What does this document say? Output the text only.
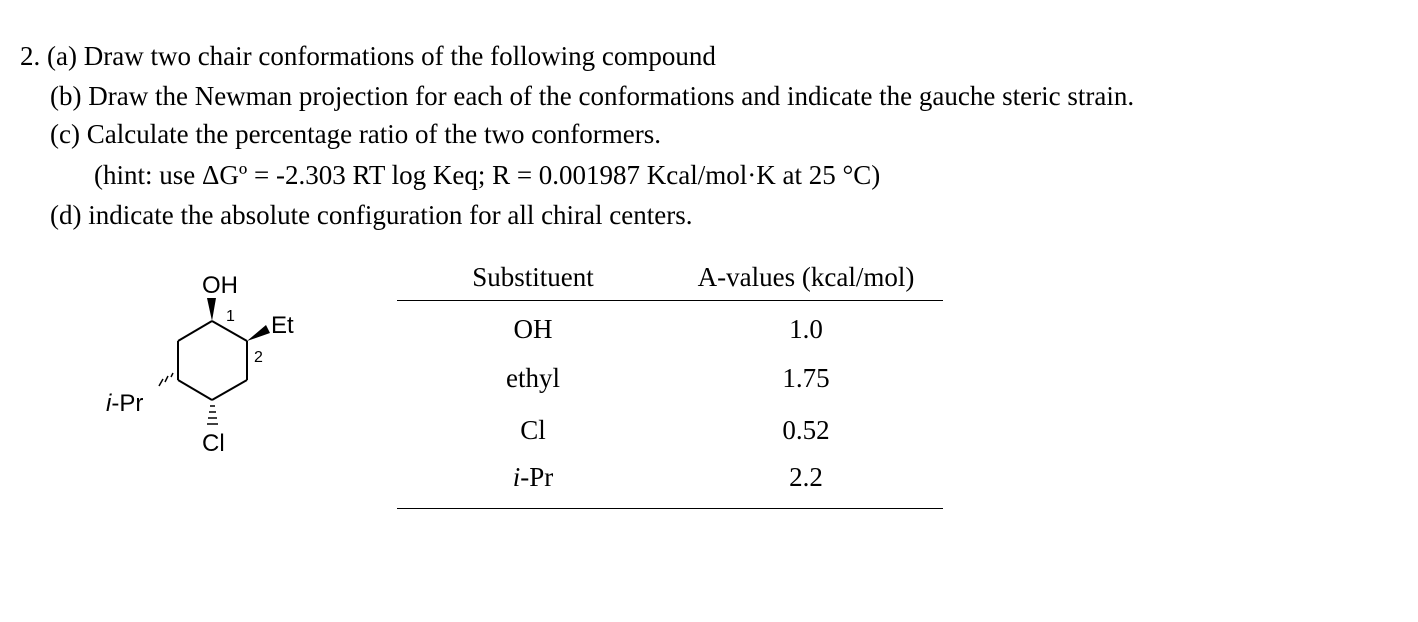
2. (a) Draw two chair conformations of the following compound
(b) Draw the Newman projection for each of the conformations and indicate the gauche steric strain.
(c) Calculate the percentage ratio of the two conformers.
(hint: use ΔGº = -2.303 RT log Keq; R = 0.001987 Kcal/mol·K at 25 °C)
(d) indicate the absolute configuration for all chiral centers.
OH
1 Et
2
i-Pr
Cl
Substituent	A-values (kcal/mol)
OH	1.0
ethyl	1.75
Cl	0.52
i-Pr	2.2
